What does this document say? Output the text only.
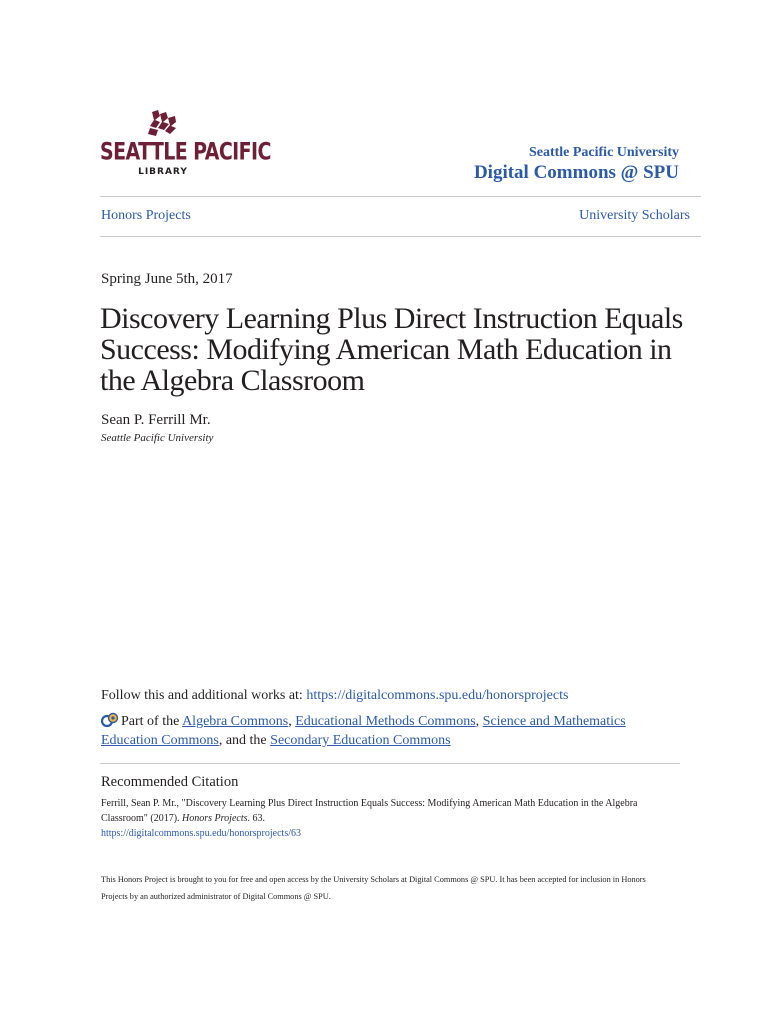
SEATTLE PACIFIC
LIBRARY
Seattle Pacific University
Digital Commons @ SPU
Honors Projects	University Scholars
Spring June 5th, 2017
Discovery Learning Plus Direct Instruction Equals Success: Modifying American Math Education in the Algebra Classroom
Sean P. Ferrill Mr.
Seattle Pacific University
Follow this and additional works at: https://digitalcommons.spu.edu/honorsprojects
Part of the Algebra Commons, Educational Methods Commons, Science and Mathematics Education Commons, and the Secondary Education Commons
Recommended Citation
Ferrill, Sean P. Mr., "Discovery Learning Plus Direct Instruction Equals Success: Modifying American Math Education in the Algebra Classroom" (2017). Honors Projects. 63.
https://digitalcommons.spu.edu/honorsprojects/63
This Honors Project is brought to you for free and open access by the University Scholars at Digital Commons @ SPU. It has been accepted for inclusion in Honors Projects by an authorized administrator of Digital Commons @ SPU.
